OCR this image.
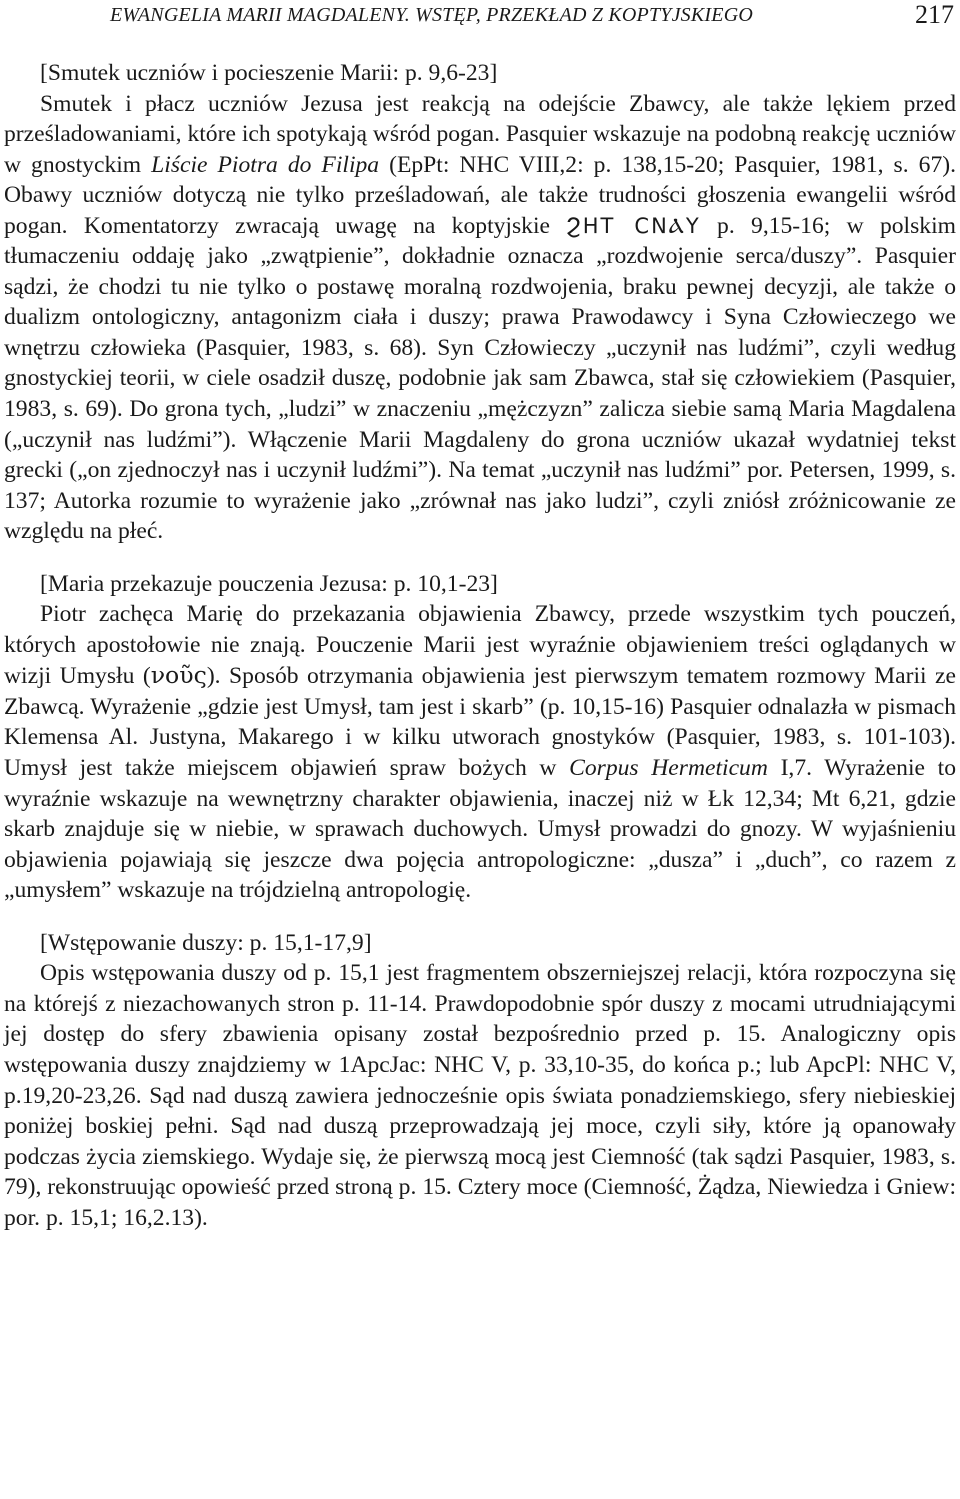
EWANGELIA MARII MAGDALENY. WSTĘP, PRZEKŁAD Z KOPTYJSKIEGO	217

[Smutek uczniów i pocieszenie Marii: p. 9,6-23]

Smutek i płacz uczniów Jezusa jest reakcją na odejście Zbawcy, ale także lękiem przed prześladowaniami, które ich spotykają wśród pogan. Pasquier wskazuje na podobną reakcję uczniów w gnostyckim Liście Piotra do Filipa (EpPt: NHC VIII,2: p. 138,15-20; Pasquier, 1981, s. 67). Obawy uczniów dotyczą nie tylko prześladowań, ale także trudności głoszenia ewangelii wśród pogan. Komentatorzy zwracają uwagę na koptyjskie ϨΗΤ ϹΝⲀΥ p. 9,15-16; w polskim tłumaczeniu oddaję jako „zwątpienie”, dokładnie oznacza „rozdwojenie serca/duszy”. Pasquier sądzi, że chodzi tu nie tylko o postawę moralną rozdwojenia, braku pewnej decyzji, ale także o dualizm ontologiczny, antagonizm ciała i duszy; prawa Prawodawcy i Syna Człowieczego we wnętrzu człowieka (Pasquier, 1983, s. 68). Syn Człowieczy „uczynił nas ludźmi”, czyli według gnostyckiej teorii, w ciele osadził duszę, podobnie jak sam Zbawca, stał się człowiekiem (Pasquier, 1983, s. 69). Do grona tych, „ludzi” w znaczeniu „mężczyzn” zalicza siebie samą Maria Magdalena („uczynił nas ludźmi”). Włączenie Marii Magdaleny do grona uczniów ukazał wydatniej tekst grecki („on zjednoczył nas i uczynił ludźmi”). Na temat „uczynił nas ludźmi” por. Petersen, 1999, s. 137; Autorka rozumie to wyrażenie jako „zrównał nas jako ludzi”, czyli zniósł zróżnicowanie ze względu na płeć.

[Maria przekazuje pouczenia Jezusa: p. 10,1-23]

Piotr zachęca Marię do przekazania objawienia Zbawcy, przede wszystkim tych pouczeń, których apostołowie nie znają. Pouczenie Marii jest wyraźnie objawieniem treści oglądanych w wizji Umysłu (νοῦς). Sposób otrzymania objawienia jest pierwszym tematem rozmowy Marii ze Zbawcą. Wyrażenie „gdzie jest Umysł, tam jest i skarb” (p. 10,15-16) Pasquier odnalazła w pismach Klemensa Al. Justyna, Makarego i w kilku utworach gnostyków (Pasquier, 1983, s. 101-103). Umysł jest także miejscem objawień spraw bożych w Corpus Hermeticum I,7. Wyrażenie to wyraźnie wskazuje na wewnętrzny charakter objawienia, inaczej niż w Łk 12,34; Mt 6,21, gdzie skarb znajduje się w niebie, w sprawach duchowych. Umysł prowadzi do gnozy. W wyjaśnieniu objawienia pojawiają się jeszcze dwa pojęcia antropologiczne: „dusza” i „duch”, co razem z „umysłem” wskazuje na trójdzielną antropologię.

[Wstępowanie duszy: p. 15,1-17,9]

Opis wstępowania duszy od p. 15,1 jest fragmentem obszerniejszej relacji, która rozpoczyna się na którejś z niezachowanych stron p. 11-14. Prawdopodobnie spór duszy z mocami utrudniającymi jej dostęp do sfery zbawienia opisany został bezpośrednio przed p. 15. Analogiczny opis wstępowania duszy znajdziemy w 1ApcJac: NHC V, p. 33,10-35, do końca p.; lub ApcPl: NHC V, p.19,20-23,26. Sąd nad duszą zawiera jednocześnie opis świata ponadziemskiego, sfery niebieskiej poniżej boskiej pełni. Sąd nad duszą przeprowadzają jej moce, czyli siły, które ją opanowały podczas życia ziemskiego. Wydaje się, że pierwszą mocą jest Ciemność (tak sądzi Pasquier, 1983, s. 79), rekonstruując opowieść przed stroną p. 15. Cztery moce (Ciemność, Żądza, Niewiedza i Gniew: por. p. 15,1; 16,2.13).
